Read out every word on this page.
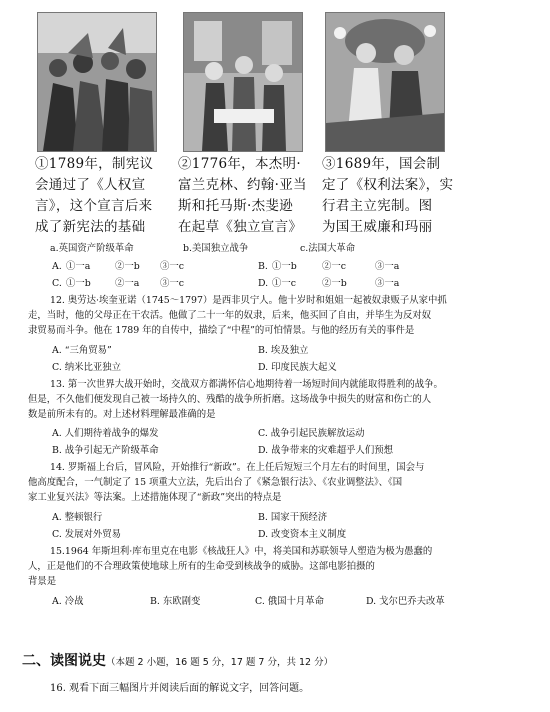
①1789年，制宪议
会通过了《人权宣
言》，这个宣言后来
成了新宪法的基础
②1776年，本杰明·
富兰克林、约翰·亚当
斯和托马斯·杰斐逊
在起草《独立宣言》
③1689年，国会制
定了《权利法案》，实
行君主立宪制。图
为国王威廉和玛丽
a.英国资产阶级革命	b.美国独立战争	c.法国大革命
A. ①一a	②一b ③一c	B. ①一b	②一c	③一a
C. ①一b	②一a ③一c	D. ①一c	②一b	③一a
12. 奥劳达·埃奎亚诺（1745～1797）是西非贝宁人。他十岁时和姐姐一起被奴隶贩子从家中抓
走，当时，他的父母正在干农活。他做了二十一年的奴隶，后来，他买回了自由，并毕生为反对奴
隶贸易而斗争。他在 1789 年的自传中，描绘了“中程”的可怕情景。与他的经历有关的事件是
A. “三角贸易”	B. 埃及独立
C. 纳米比亚独立	D. 印度民族大起义
13. 第一次世界大战开始时，交战双方都满怀信心地期待着一场短时间内就能取得胜利的战争。
但是，不久他们便发现自己被一场持久的、残酷的战争所折磨。这场战争中损失的财富和伤亡的人
数是前所未有的。对上述材料理解最准确的是
A. 人们期待着战争的爆发	C. 战争引起民族解放运动
B. 战争引起无产阶级革命	D. 战争带来的灾难超乎人们预想
14. 罗斯福上台后，冒风险，开始推行“新政”。在上任后短短三个月左右的时间里，国会与
他高度配合，一气制定了 15 项重大立法，先后出台了《紧急银行法》、《农业调整法》、《国
家工业复兴法》等法案。上述措施体现了“新政”突出的特点是
A. 整顿银行	B. 国家干预经济
C. 发展对外贸易	D. 改变资本主义制度
15.1964 年斯坦利·库布里克在电影《核战狂人》中，将美国和苏联领导人塑造为极为愚蠢的
人，正是他们的不合理政策使地球上所有的生命受到核战争的威胁。这部电影拍摄的
背景是
A. 冷战	B. 东欧剧变	C. 俄国十月革命	D. 戈尔巴乔夫改革
二、读图说史（本题 2 小题，16 题 5 分，17 题 7 分，共 12 分）
16. 观看下面三幅图片并阅读后面的解说文字，回答问题。
